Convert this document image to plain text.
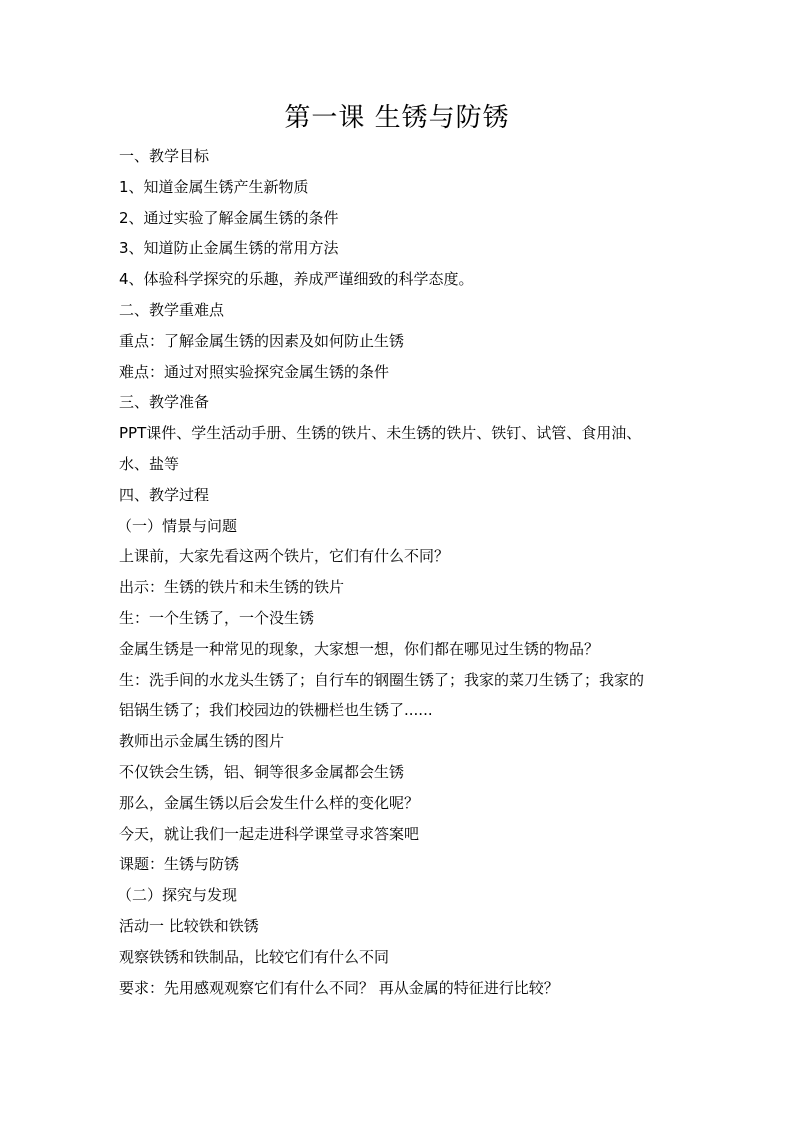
第一课 生锈与防锈
一、教学目标
1、知道金属生锈产生新物质
2、通过实验了解金属生锈的条件
3、知道防止金属生锈的常用方法
4、体验科学探究的乐趣，养成严谨细致的科学态度。
二、教学重难点
重点：了解金属生锈的因素及如何防止生锈
难点：通过对照实验探究金属生锈的条件
三、教学准备
PPT课件、学生活动手册、生锈的铁片、未生锈的铁片、铁钉、试管、食用油、
水、盐等
四、教学过程
（一）情景与问题
上课前，大家先看这两个铁片，它们有什么不同？
出示：生锈的铁片和未生锈的铁片
生：一个生锈了，一个没生锈
金属生锈是一种常见的现象，大家想一想，你们都在哪见过生锈的物品？
生：洗手间的水龙头生锈了；自行车的钢圈生锈了；我家的菜刀生锈了；我家的
铝锅生锈了；我们校园边的铁栅栏也生锈了......
教师出示金属生锈的图片
不仅铁会生锈，铝、铜等很多金属都会生锈
那么，金属生锈以后会发生什么样的变化呢？
今天，就让我们一起走进科学课堂寻求答案吧
课题：生锈与防锈
（二）探究与发现
活动一 比较铁和铁锈
观察铁锈和铁制品，比较它们有什么不同
要求：先用感观观察它们有什么不同？ 再从金属的特征进行比较？
